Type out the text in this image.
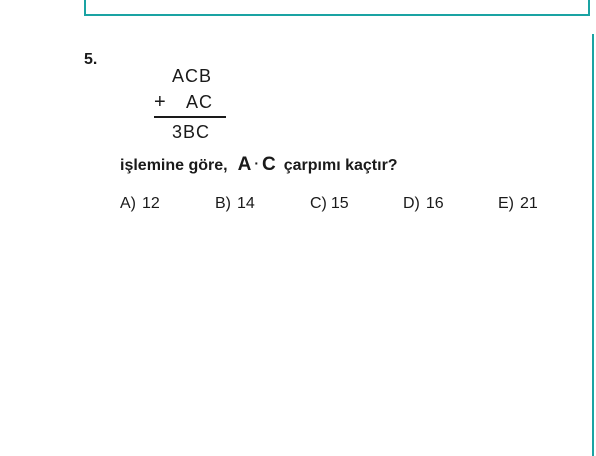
5.
ACB
+ AC
3BC
işlemine göre, A · C çarpımı kaçtır?
A) 12	B) 14	C) 15	D) 16	E) 21
